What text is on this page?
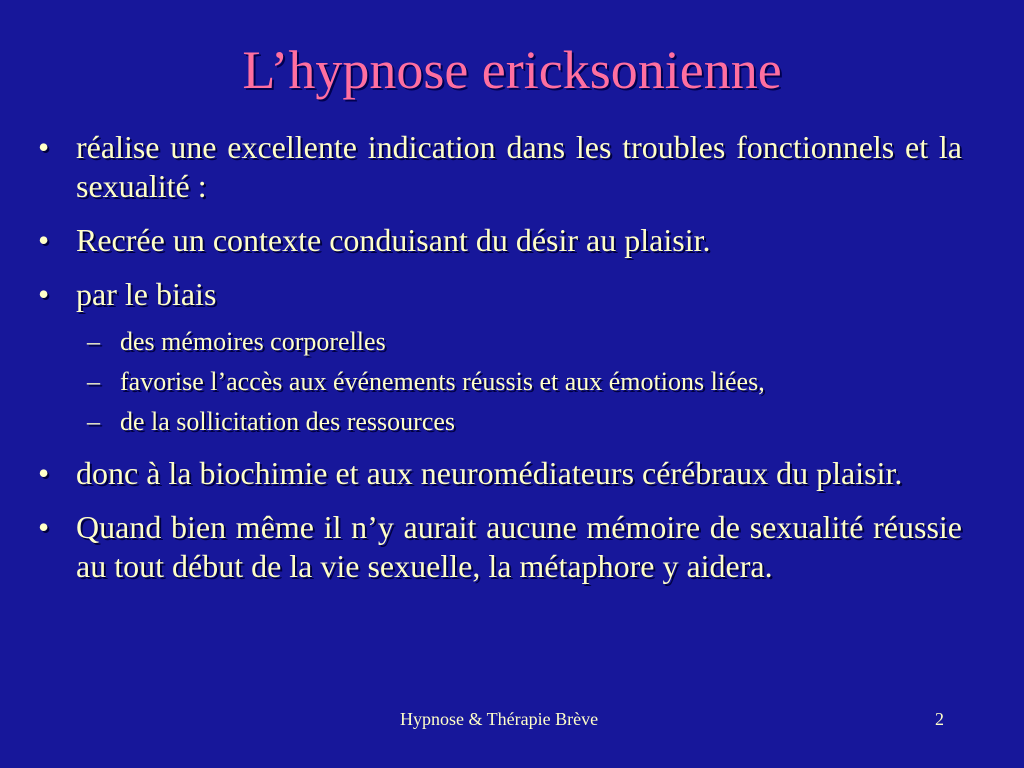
L’hypnose ericksonienne
• réalise une excellente indication dans les troubles fonctionnels et la sexualité :
• Recrée un contexte conduisant du désir au plaisir.
• par le biais
– des mémoires corporelles
– favorise l’accès aux événements réussis et aux émotions liées,
– de la sollicitation des ressources
• donc à la biochimie et aux neuromédiateurs cérébraux du plaisir.
• Quand bien même il n’y aurait aucune mémoire de sexualité réussie au tout début de la vie sexuelle, la métaphore y aidera.
Hypnose & Thérapie Brève	2
